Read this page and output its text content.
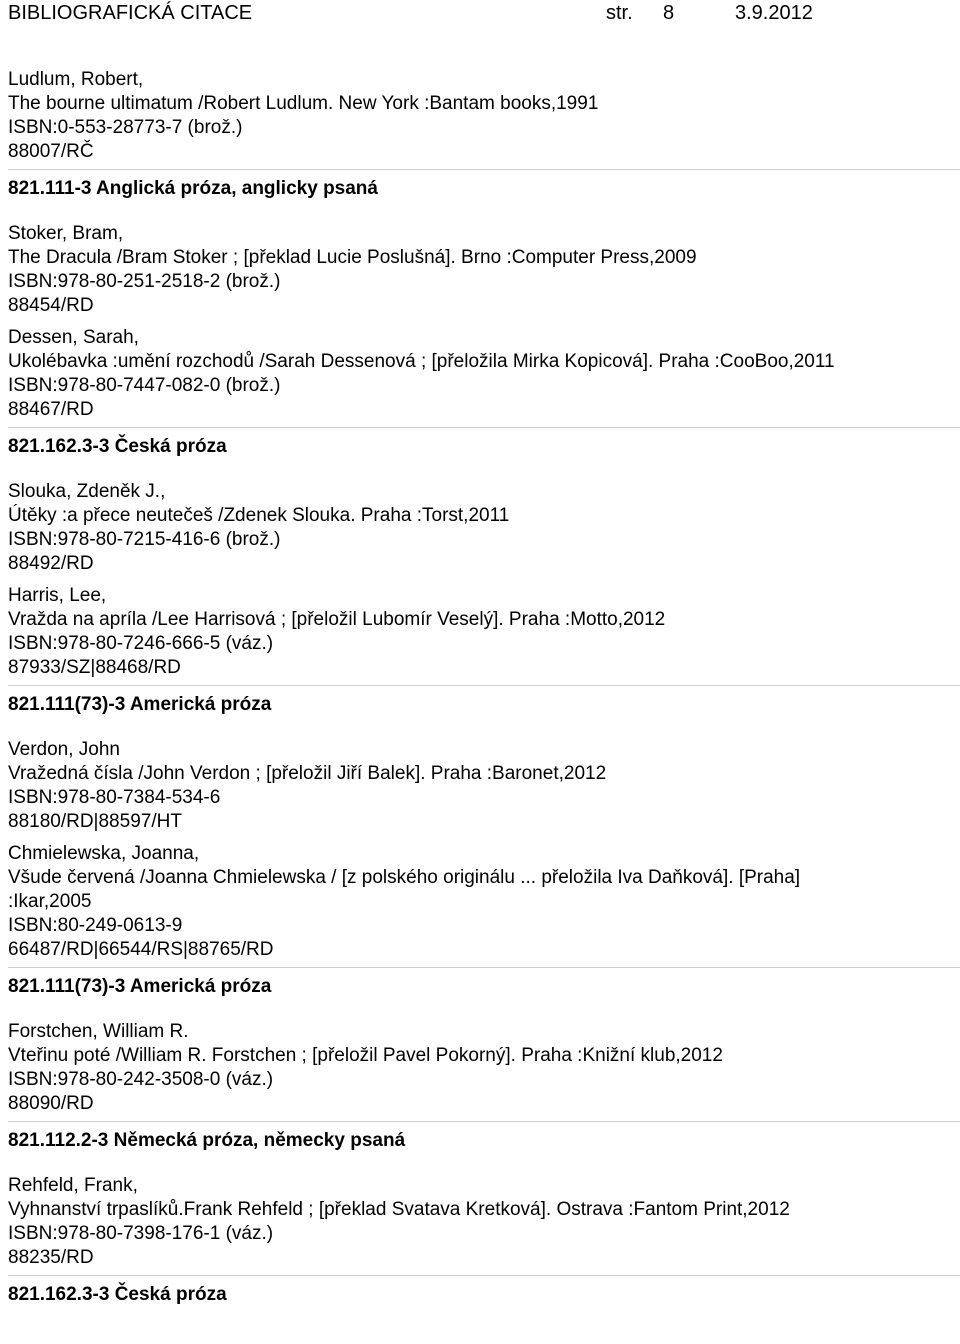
BIBLIOGRAFICKÁ CITACE	str. 8	3.9.2012
Ludlum, Robert,
The bourne ultimatum /Robert Ludlum. New York :Bantam books,1991
ISBN:0-553-28773-7 (brož.)
88007/RČ
821.111-3 Anglická próza, anglicky psaná
Stoker, Bram,
The Dracula /Bram Stoker ; [překlad Lucie Poslušná]. Brno :Computer Press,2009
ISBN:978-80-251-2518-2 (brož.)
88454/RD
Dessen, Sarah,
Ukolébavka :umění rozchodů /Sarah Dessenová ; [přeložila Mirka Kopicová]. Praha :CooBoo,2011
ISBN:978-80-7447-082-0 (brož.)
88467/RD
821.162.3-3 Česká próza
Slouka, Zdeněk J.,
Útěky :a přece neutečeš /Zdenek Slouka. Praha :Torst,2011
ISBN:978-80-7215-416-6 (brož.)
88492/RD
Harris, Lee,
Vražda na apríla /Lee Harrisová ; [přeložil Lubomír Veselý]. Praha :Motto,2012
ISBN:978-80-7246-666-5 (váz.)
87933/SZ|88468/RD
821.111(73)-3 Americká próza
Verdon, John
Vražedná čísla /John Verdon ; [přeložil Jiří Balek]. Praha :Baronet,2012
ISBN:978-80-7384-534-6
88180/RD|88597/HT
Chmielewska, Joanna,
Všude červená /Joanna Chmielewska / [z polského originálu ... přeložila Iva Daňková]. [Praha]
:Ikar,2005
ISBN:80-249-0613-9
66487/RD|66544/RS|88765/RD
821.111(73)-3 Americká próza
Forstchen, William R.
Vteřinu poté /William R. Forstchen ; [přeložil Pavel Pokorný]. Praha :Knižní klub,2012
ISBN:978-80-242-3508-0 (váz.)
88090/RD
821.112.2-3 Německá próza, německy psaná
Rehfeld, Frank,
Vyhnanství trpaslíků.Frank Rehfeld ; [překlad Svatava Kretková]. Ostrava :Fantom Print,2012
ISBN:978-80-7398-176-1 (váz.)
88235/RD
821.162.3-3 Česká próza
